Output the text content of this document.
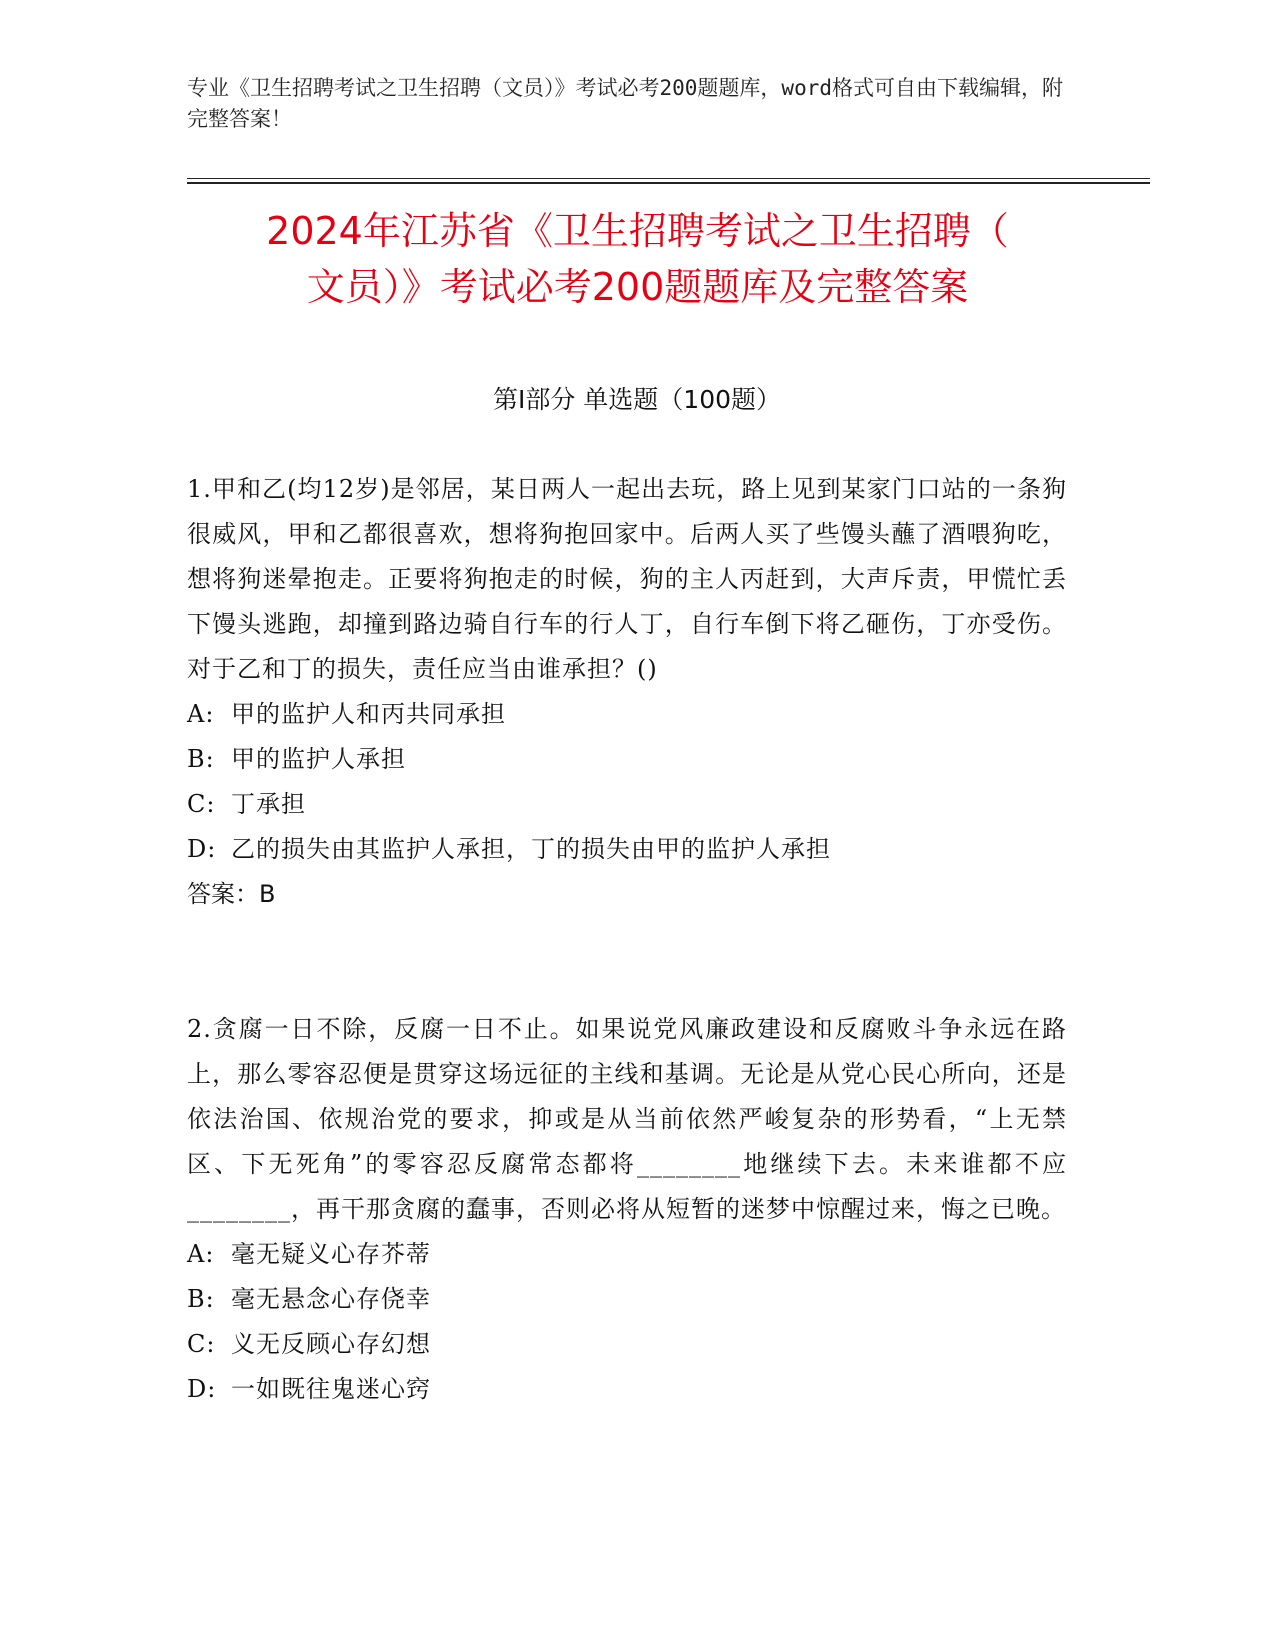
专业《卫生招聘考试之卫生招聘（文员）》考试必考200题题库，word格式可自由下载编辑，附完整答案！
2024年江苏省《卫生招聘考试之卫生招聘（
文员）》考试必考200题题库及完整答案
第Ⅰ部分 单选题（100题）

1.甲和乙(均12岁)是邻居，某日两人一起出去玩，路上见到某家门口站的一条狗很威风，甲和乙都很喜欢，想将狗抱回家中。后两人买了些馒头蘸了酒喂狗吃，想将狗迷晕抱走。正要将狗抱走的时候，狗的主人丙赶到，大声斥责，甲慌忙丢下馒头逃跑，却撞到路边骑自行车的行人丁，自行车倒下将乙砸伤，丁亦受伤。对于乙和丁的损失，责任应当由谁承担？()

A: 甲的监护人和丙共同承担
B: 甲的监护人承担
C: 丁承担
D: 乙的损失由其监护人承担，丁的损失由甲的监护人承担
答案：B

2.贪腐一日不除，反腐一日不止。如果说党风廉政建设和反腐败斗争永远在路上，那么零容忍便是贯穿这场远征的主线和基调。无论是从党心民心所向，还是依法治国、依规治党的要求，抑或是从当前依然严峻复杂的形势看，“上无禁区、下无死角”的零容忍反腐常态都将________地继续下去。未来谁都不应________，再干那贪腐的蠢事，否则必将从短暂的迷梦中惊醒过来，悔之已晚。

A: 毫无疑义心存芥蒂
B: 毫无悬念心存侥幸
C: 义无反顾心存幻想
D: 一如既往鬼迷心窍
